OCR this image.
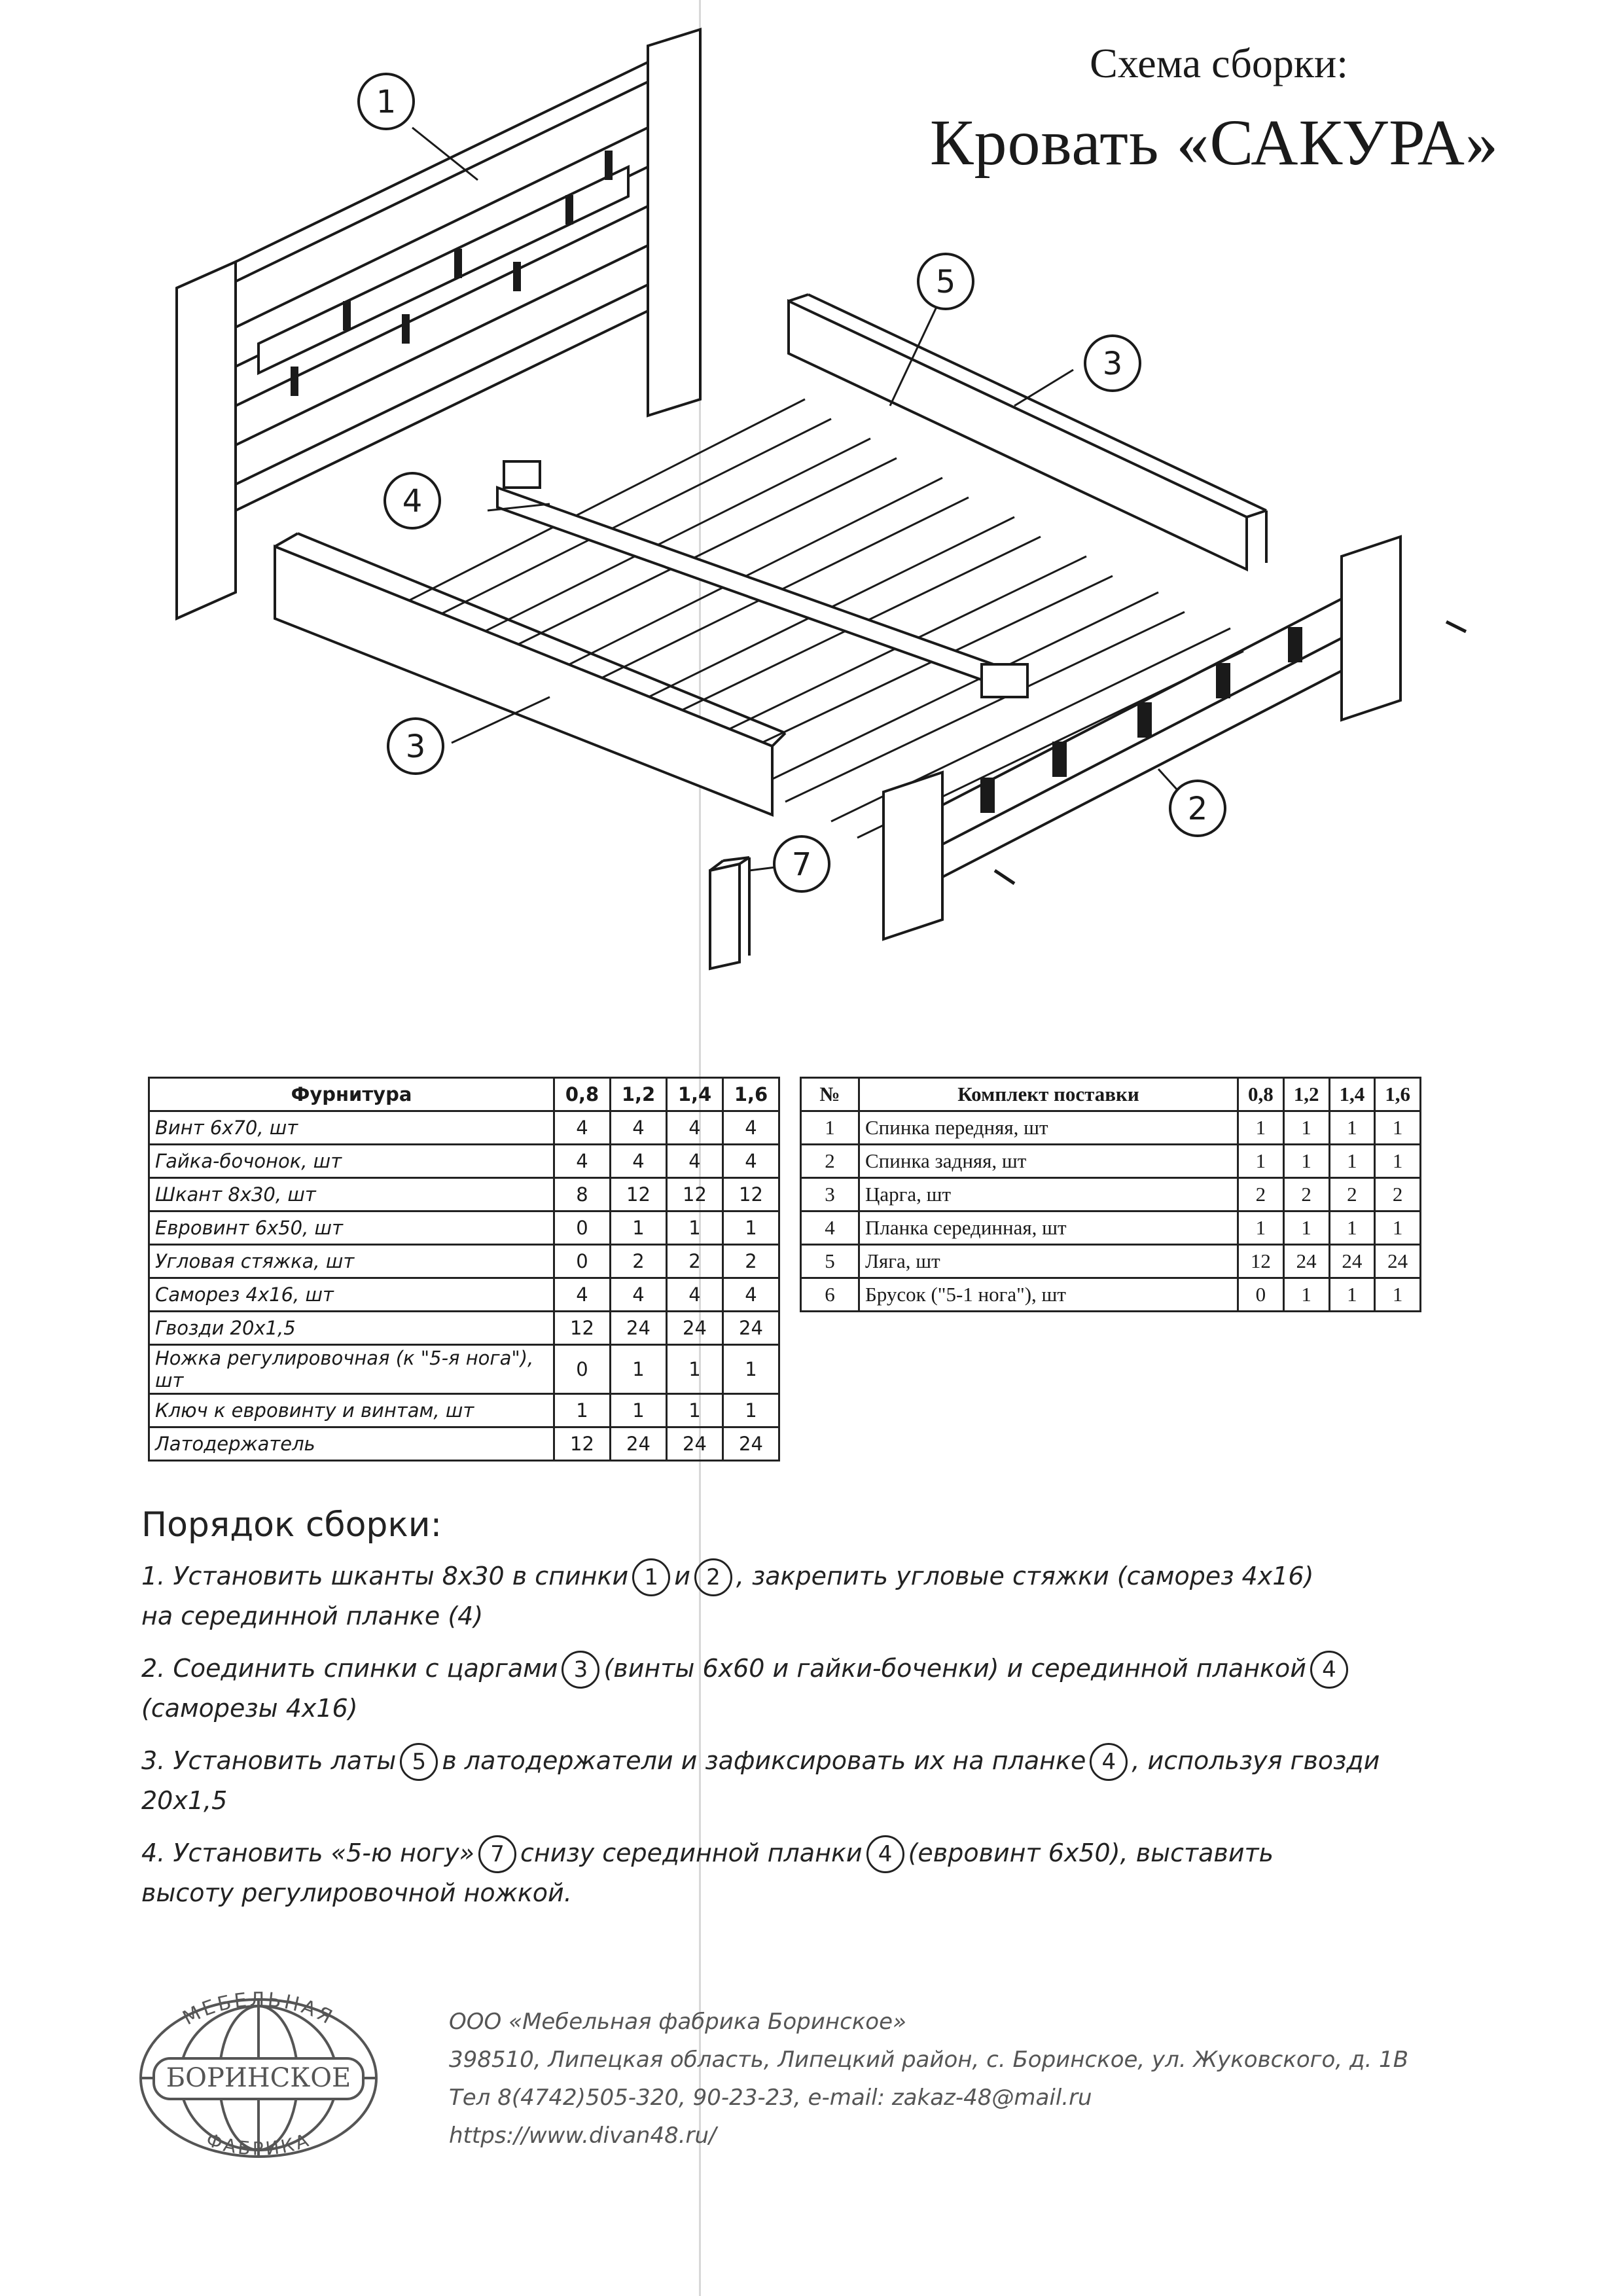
Схема сборки:
Кровать «САКУРА»
1
2
3
3
4
5
7
Фурнитура	0,8	1,2	1,4	1,6
Винт 6х70, шт	4	4	4	4
Гайка-бочонок, шт	4	4	4	4
Шкант 8х30, шт	8	12	12	12
Евровинт 6х50, шт	0	1	1	1
Угловая стяжка, шт	0	2	2	2
Саморез 4х16, шт	4	4	4	4
Гвозди 20х1,5	12	24	24	24
Ножка регулировочная (к "5-я нога"), шт	0	1	1	1
Ключ к евровинту и винтам, шт	1	1	1	1
Латодержатель	12	24	24	24
№	Комплект поставки	0,8	1,2	1,4	1,6
1	Спинка передняя, шт	1	1	1	1
2	Спинка задняя, шт	1	1	1	1
3	Царга, шт	2	2	2	2
4	Планка серединная, шт	1	1	1	1
5	Ляга, шт	12	24	24	24
6	Брусок ("5-1 нога"), шт	0	1	1	1
Порядок сборки:

1. Установить шканты 8х30 в спинки 1 и 2 , закрепить угловые стяжки (саморез 4х16)
на серединной планке (4)

2. Соединить спинки с царгами 3 (винты 6х60 и гайки-боченки) и серединной планкой 4
(саморезы 4х16)

3. Установить латы 5 в латодержатели и зафиксировать их на планке 4 , используя гвозди
20х1,5

4. Установить «5-ю ногу» 7 снизу серединной планки 4 (евровинт 6х50), выставить
высоту регулировочной ножкой.

МЕБЕЛЬНАЯ
БОРИНСКОЕ
ФАБРИКА
ООО «Мебельная фабрика Боринское»
398510, Липецкая область, Липецкий район, с. Боринское, ул. Жуковского, д. 1В
Тел 8(4742)505-320, 90-23-23, e-mail: zakaz-48@mail.ru
https://www.divan48.ru/
